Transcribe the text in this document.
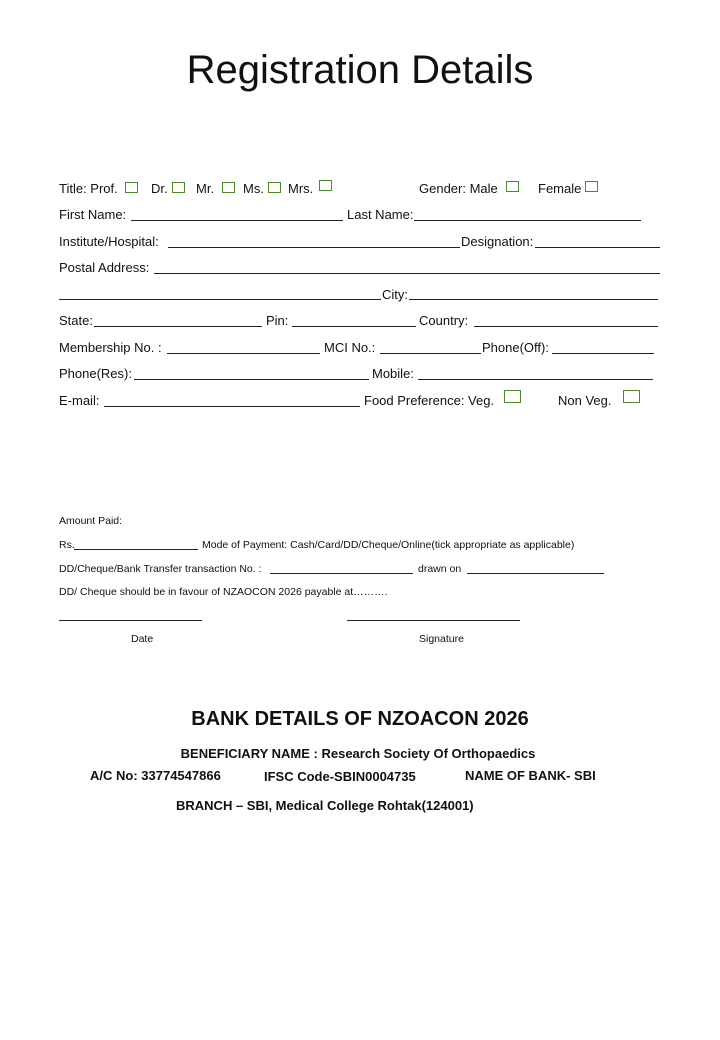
Registration Details
Title: Prof.	Dr. Mr. Ms. Mrs.	Gender: Male	Female
First Name:	Last Name:
Institute/Hospital:	Designation:
Postal Address:
City:
State:	Pin:	Country:
Membership No. :	MCI No.:	Phone(Off):
Phone(Res):	Mobile:
E-mail:	Food Preference: Veg.	Non Veg.
Amount Paid:
Rs.	Mode of Payment: Cash/Card/DD/Cheque/Online(tick appropriate as applicable)
DD/Cheque/Bank Transfer transaction No. :	drawn on
DD/ Cheque should be in favour of NZAOCON 2026 payable at……….
Date	Signature
BANK DETAILS OF NZOACON 2026
BENEFICIARY NAME : Research Society Of Orthopaedics
A/C No: 33774547866	IFSC Code-SBIN0004735	NAME OF BANK- SBI
BRANCH – SBI, Medical College Rohtak(124001)
